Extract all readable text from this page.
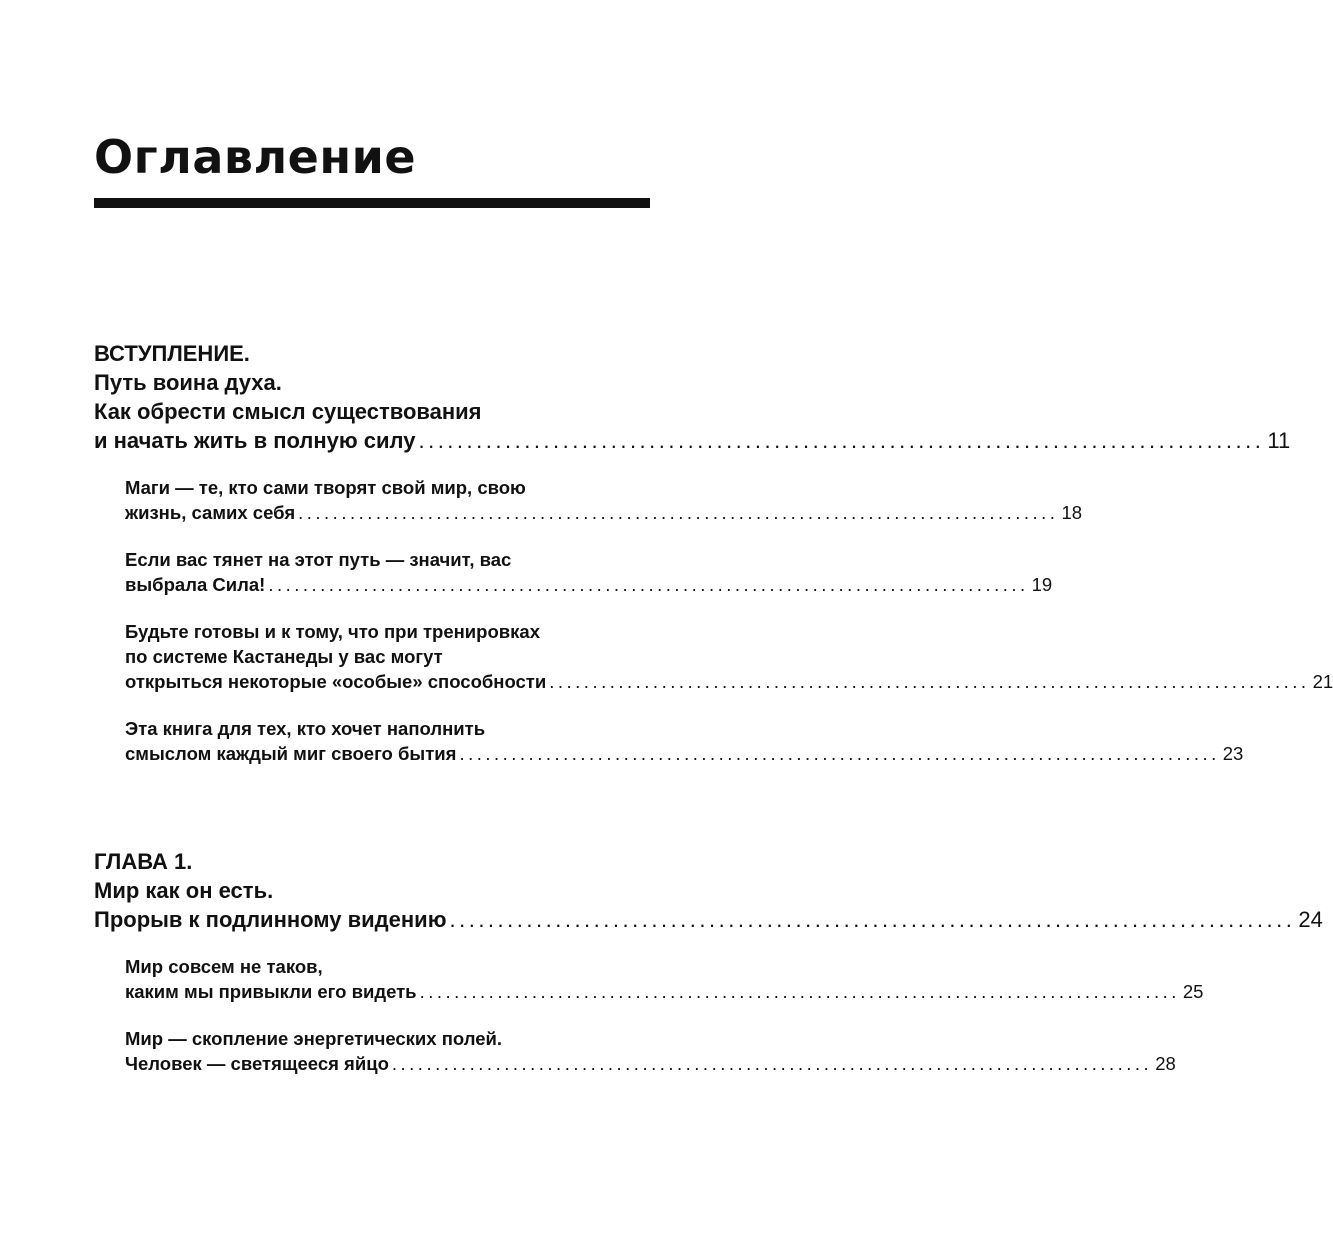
Оглавление
ВСТУПЛЕНИЕ.
Путь воина духа.
Как обрести смысл существования
и начать жить в полную силу ........................................................................................ 11
Маги — те, кто сами творят свой мир, свою
жизнь, самих себя ........................................................................................ 18
Если вас тянет на этот путь — значит, вас
выбрала Сила! ........................................................................................ 19
Будьте готовы и к тому, что при тренировках
по системе Кастанеды у вас могут
открыться некоторые «особые» способности ........................................................................................ 21
Эта книга для тех, кто хочет наполнить
смыслом каждый миг своего бытия ........................................................................................ 23
ГЛАВА 1.
Мир как он есть.
Прорыв к подлинному видению ........................................................................................ 24
Мир совсем не таков,
каким мы привыкли его видеть ........................................................................................ 25
Мир — скопление энергетических полей.
Человек — светящееся яйцо ........................................................................................ 28
